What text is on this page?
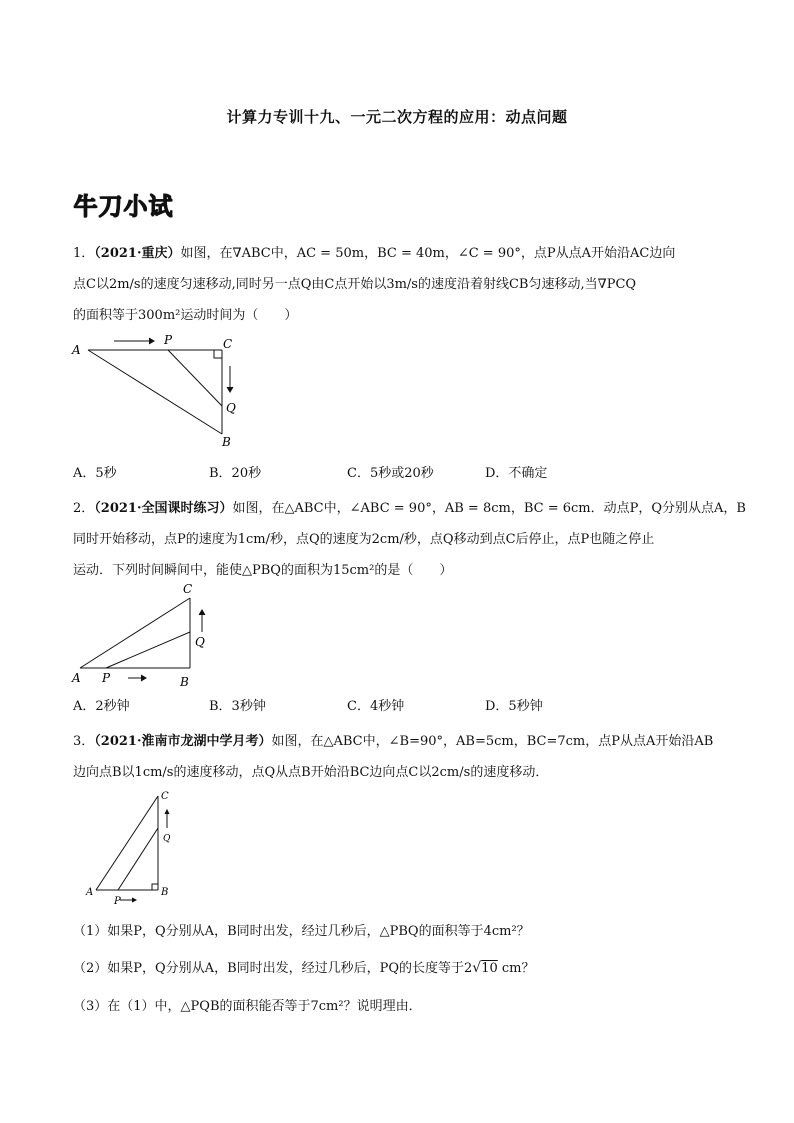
计算力专训十九、一元二次方程的应用：动点问题
牛刀小试
1．（2021·重庆）如图，在∇ABC中，AC = 50m，BC = 40m，∠C = 90°，点P从点A开始沿AC边向
点C以2m/s的速度匀速移动,同时另一点Q由C点开始以3m/s的速度沿着射线CB匀速移动,当∇PCQ
的面积等于300m²运动时间为（　　）
A
P	C
Q
B
A．5秒	B．20秒	C．5秒或20秒	D．不确定
2．（2021·全国课时练习）如图，在△ABC中，∠ABC = 90°，AB = 8cm，BC = 6cm．动点P，Q分别从点A，B
同时开始移动，点P的速度为1cm/秒，点Q的速度为2cm/秒，点Q移动到点C后停止，点P也随之停止
运动．下列时间瞬间中，能使△PBQ的面积为15cm²的是（　　）
A P	B
Q
C
A．2秒钟	B．3秒钟	C．4秒钟	D．5秒钟
3．（2021·淮南市龙湖中学月考）如图，在△ABC中，∠B=90°，AB=5cm，BC=7cm，点P从点A开始沿AB
边向点B以1cm/s的速度移动，点Q从点B开始沿BC边向点C以2cm/s的速度移动．
A
P
B
Q
C
（1）如果P，Q分别从A，B同时出发，经过几秒后，△PBQ的面积等于4cm²？
（2）如果P，Q分别从A，B同时出发，经过几秒后，PQ的长度等于2√10 cm？
（3）在（1）中，△PQB的面积能否等于7cm²？说明理由．
